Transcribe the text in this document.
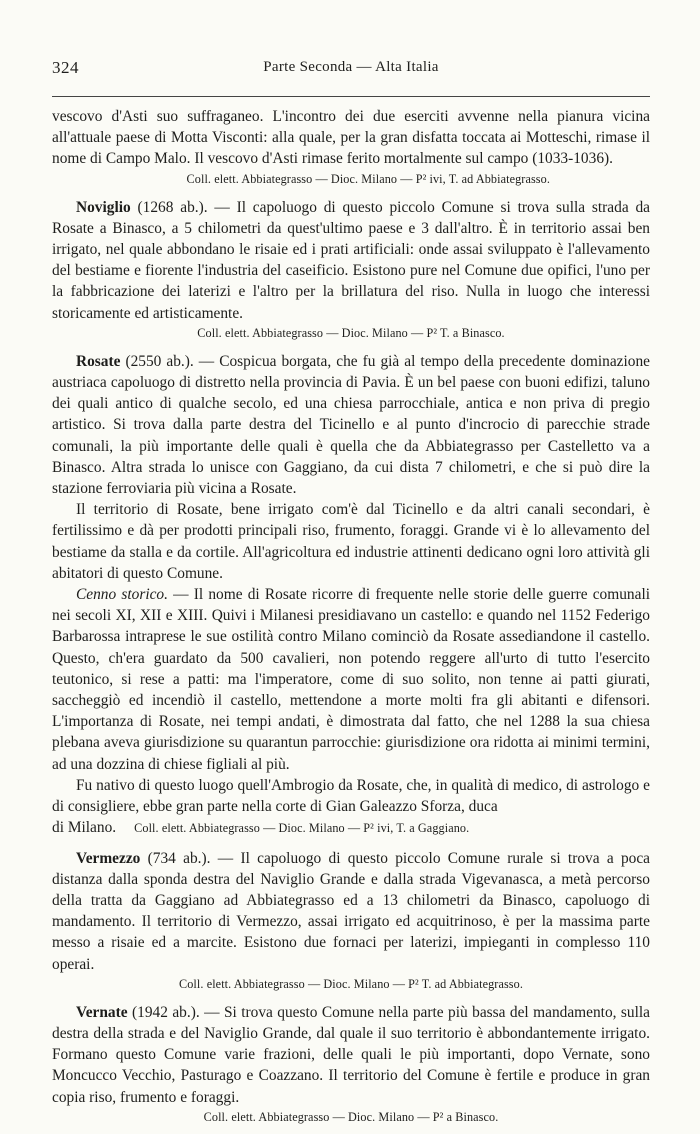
324	Parte Seconda — Alta Italia

vescovo d'Asti suo suffraganeo. L'incontro dei due eserciti avvenne nella pianura vicina all'attuale paese di Motta Visconti: alla quale, per la gran disfatta toccata ai Motteschi, rimase il nome di Campo Malo. Il vescovo d'Asti rimase ferito mortalmente sul campo (1033-1036).

Coll. elett. Abbiategrasso — Dioc. Milano — P² ivi, T. ad Abbiategrasso.

Noviglio (1268 ab.). — Il capoluogo di questo piccolo Comune si trova sulla strada da Rosate a Binasco, a 5 chilometri da quest'ultimo paese e 3 dall'altro. È in territorio assai ben irrigato, nel quale abbondano le risaie ed i prati artificiali: onde assai sviluppato è l'allevamento del bestiame e fiorente l'industria del caseificio. Esistono pure nel Comune due opifici, l'uno per la fabbricazione dei laterizi e l'altro per la brillatura del riso. Nulla in luogo che interessi storicamente ed artisticamente.

Coll. elett. Abbiategrasso — Dioc. Milano — P² T. a Binasco.

Rosate (2550 ab.). — Cospicua borgata, che fu già al tempo della precedente dominazione austriaca capoluogo di distretto nella provincia di Pavia. È un bel paese con buoni edifizi, taluno dei quali antico di qualche secolo, ed una chiesa parrocchiale, antica e non priva di pregio artistico. Si trova dalla parte destra del Ticinello e al punto d'incrocio di parecchie strade comunali, la più importante delle quali è quella che da Abbiategrasso per Castelletto va a Binasco. Altra strada lo unisce con Gaggiano, da cui dista 7 chilometri, e che si può dire la stazione ferroviaria più vicina a Rosate.

Il territorio di Rosate, bene irrigato com'è dal Ticinello e da altri canali secondari, è fertilissimo e dà per prodotti principali riso, frumento, foraggi. Grande vi è lo allevamento del bestiame da stalla e da cortile. All'agricoltura ed industrie attinenti dedicano ogni loro attività gli abitatori di questo Comune.

Cenno storico. — Il nome di Rosate ricorre di frequente nelle storie delle guerre comunali nei secoli XI, XII e XIII. Quivi i Milanesi presidiavano un castello: e quando nel 1152 Federigo Barbarossa intraprese le sue ostilità contro Milano cominciò da Rosate assediandone il castello. Questo, ch'era guardato da 500 cavalieri, non potendo reggere all'urto di tutto l'esercito teutonico, si rese a patti: ma l'imperatore, come di suo solito, non tenne ai patti giurati, saccheggiò ed incendiò il castello, mettendone a morte molti fra gli abitanti e difensori. L'importanza di Rosate, nei tempi andati, è dimostrata dal fatto, che nel 1288 la sua chiesa plebana aveva giurisdizione su quarantun parrocchie: giurisdizione ora ridotta ai minimi termini, ad una dozzina di chiese figliali al più.

Fu nativo di questo luogo quell'Ambrogio da Rosate, che, in qualità di medico, di astrologo e di consigliere, ebbe gran parte nella corte di Gian Galeazzo Sforza, duca

di Milano. Coll. elett. Abbiategrasso — Dioc. Milano — P² ivi, T. a Gaggiano.

Vermezzo (734 ab.). — Il capoluogo di questo piccolo Comune rurale si trova a poca distanza dalla sponda destra del Naviglio Grande e dalla strada Vigevanasca, a metà percorso della tratta da Gaggiano ad Abbiategrasso ed a 13 chilometri da Binasco, capoluogo di mandamento. Il territorio di Vermezzo, assai irrigato ed acquitrinoso, è per la massima parte messo a risaie ed a marcite. Esistono due fornaci per laterizi, impieganti in complesso 110 operai.

Coll. elett. Abbiategrasso — Dioc. Milano — P² T. ad Abbiategrasso.

Vernate (1942 ab.). — Si trova questo Comune nella parte più bassa del mandamento, sulla destra della strada e del Naviglio Grande, dal quale il suo territorio è abbondantemente irrigato. Formano questo Comune varie frazioni, delle quali le più importanti, dopo Vernate, sono Moncucco Vecchio, Pasturago e Coazzano. Il territorio del Comune è fertile e produce in gran copia riso, frumento e foraggi.

Coll. elett. Abbiategrasso — Dioc. Milano — P² a Binasco.
